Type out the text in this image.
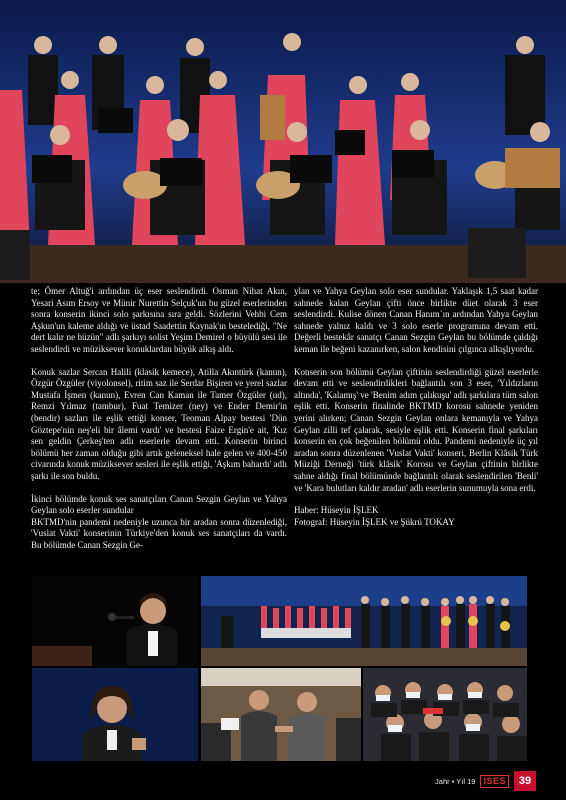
te; Ömer Altuğ'i ardından üç eser seslendirdi. Osman Nihat Akın, Yesari Asım Ersoy ve Münir Nurettin Selçuk'un bu güzel eserlerinden sonra konserin ikinci solo şarkısına sıra geldi. Sözlerini Vehbi Cem Aşkun'un kaleme aldığı ve üstad Saadettin Kaynak'ın bestelediği, "Ne dert kalır ne hüzün" adlı şarkıyı solist Yeşim Demirel o büyülü sesi ile seslendirdi ve müziksever konuklardan büyük alkış aldı.

Konuk sazlar Sercan Halili (klasik kemece), Atilla Akıntürk (kanun), Özgür Özgüler (viyolonsel), ritim saz ile Serdar Bişiren ve yerel sazlar Mustafa İşmen (kanun), Evren Can Kaman ile Tamer Özgüler (ud), Remzi Yılmaz (tambur), Fuat Temizer (ney) ve Ender Demir'in (bendir) sazları ile eşlik ettiği konser, Teoman Alpay bestesi 'Dün Göztepe'nin neş'eli bir âlemi vardı' ve bestesi Faize Ergin'e ait, 'Kız sen geldin Çerkeş'ten adlı eserlerle devam etti. Konserin birinci bölümü her zaman olduğu gibi artık geleneksel hale gelen ve 400-450 civarında konuk müziksever sesleri ile eşlik ettiği, 'Aşkım bahardı' adlı şarkı ile son buldu.

İkinci bölümde konuk ses sanatçıları Canan Sezgin Geylan ve Yahya Geylan solo eserler sundular
BKTMD'nin pandemi nedeniyle uzunca bir aradan sonra düzenlediği, 'Vuslat Vakti' konserinin Türkiye'den konuk ses sanatçıları da vardı. Bu bölümde Canan Sezgin Ge-

ylan ve Yahya Geylan solo eser sundular. Yaklaşık 1,5 saat kadar sahnede kalan Geylan çifti önce birlikte düet olarak 3 eser seslendirdi. Kulise dönen Canan Hanım`ın ardından Yahya Geylan sahnede yalnız kaldı ve 3 solo eserle programına devam etti. Değerli bestekâr sanatçı Canan Sezgin Geylan bu bölümde çaldığı keman ile beğeni kazanırken, salon kendisini çılgınca alkışlıyordu.

Konserin son bölümü Geylan çiftinin seslendirdiği güzel eserlerle devam etti ve seslendirdikleri bağlantılı son 3 eser, 'Yıldızların altında', 'Kalamış' ve 'Benim adım çalıkuşu' adlı şarkılara tüm salon eşlik etti. Konserin finalinde BKTMD korosu sahnede yeniden yerini alırken; Canan Sezgin Geylan onlara kemanıyla ve Yahya Geylan zilli tef çalarak, sesiyle eşlik etti. Konserin final şarkıları konserin en çok beğenilen bölümü oldu. Pandemi nedeniyle üç yıl aradan sonra düzenlenen 'Vuslat Vakti' konseri, Berlin Klâsik Türk Müziği Derneği 'türk klâsik' Korosu ve Geylan çiftinin birlikte sahne aldığı final bölümünde bağlantılı olarak seslendirilen 'Benli' ve 'Kara bulutları kaldır aradan' adlı eserlerin sunumuyla sona erdi.

Haber: Hüseyin İŞLEK
Fotograf: Hüseyin İŞLEK ve Şükrü TOKAY

Jahr • Yıl 19 ISES	39
